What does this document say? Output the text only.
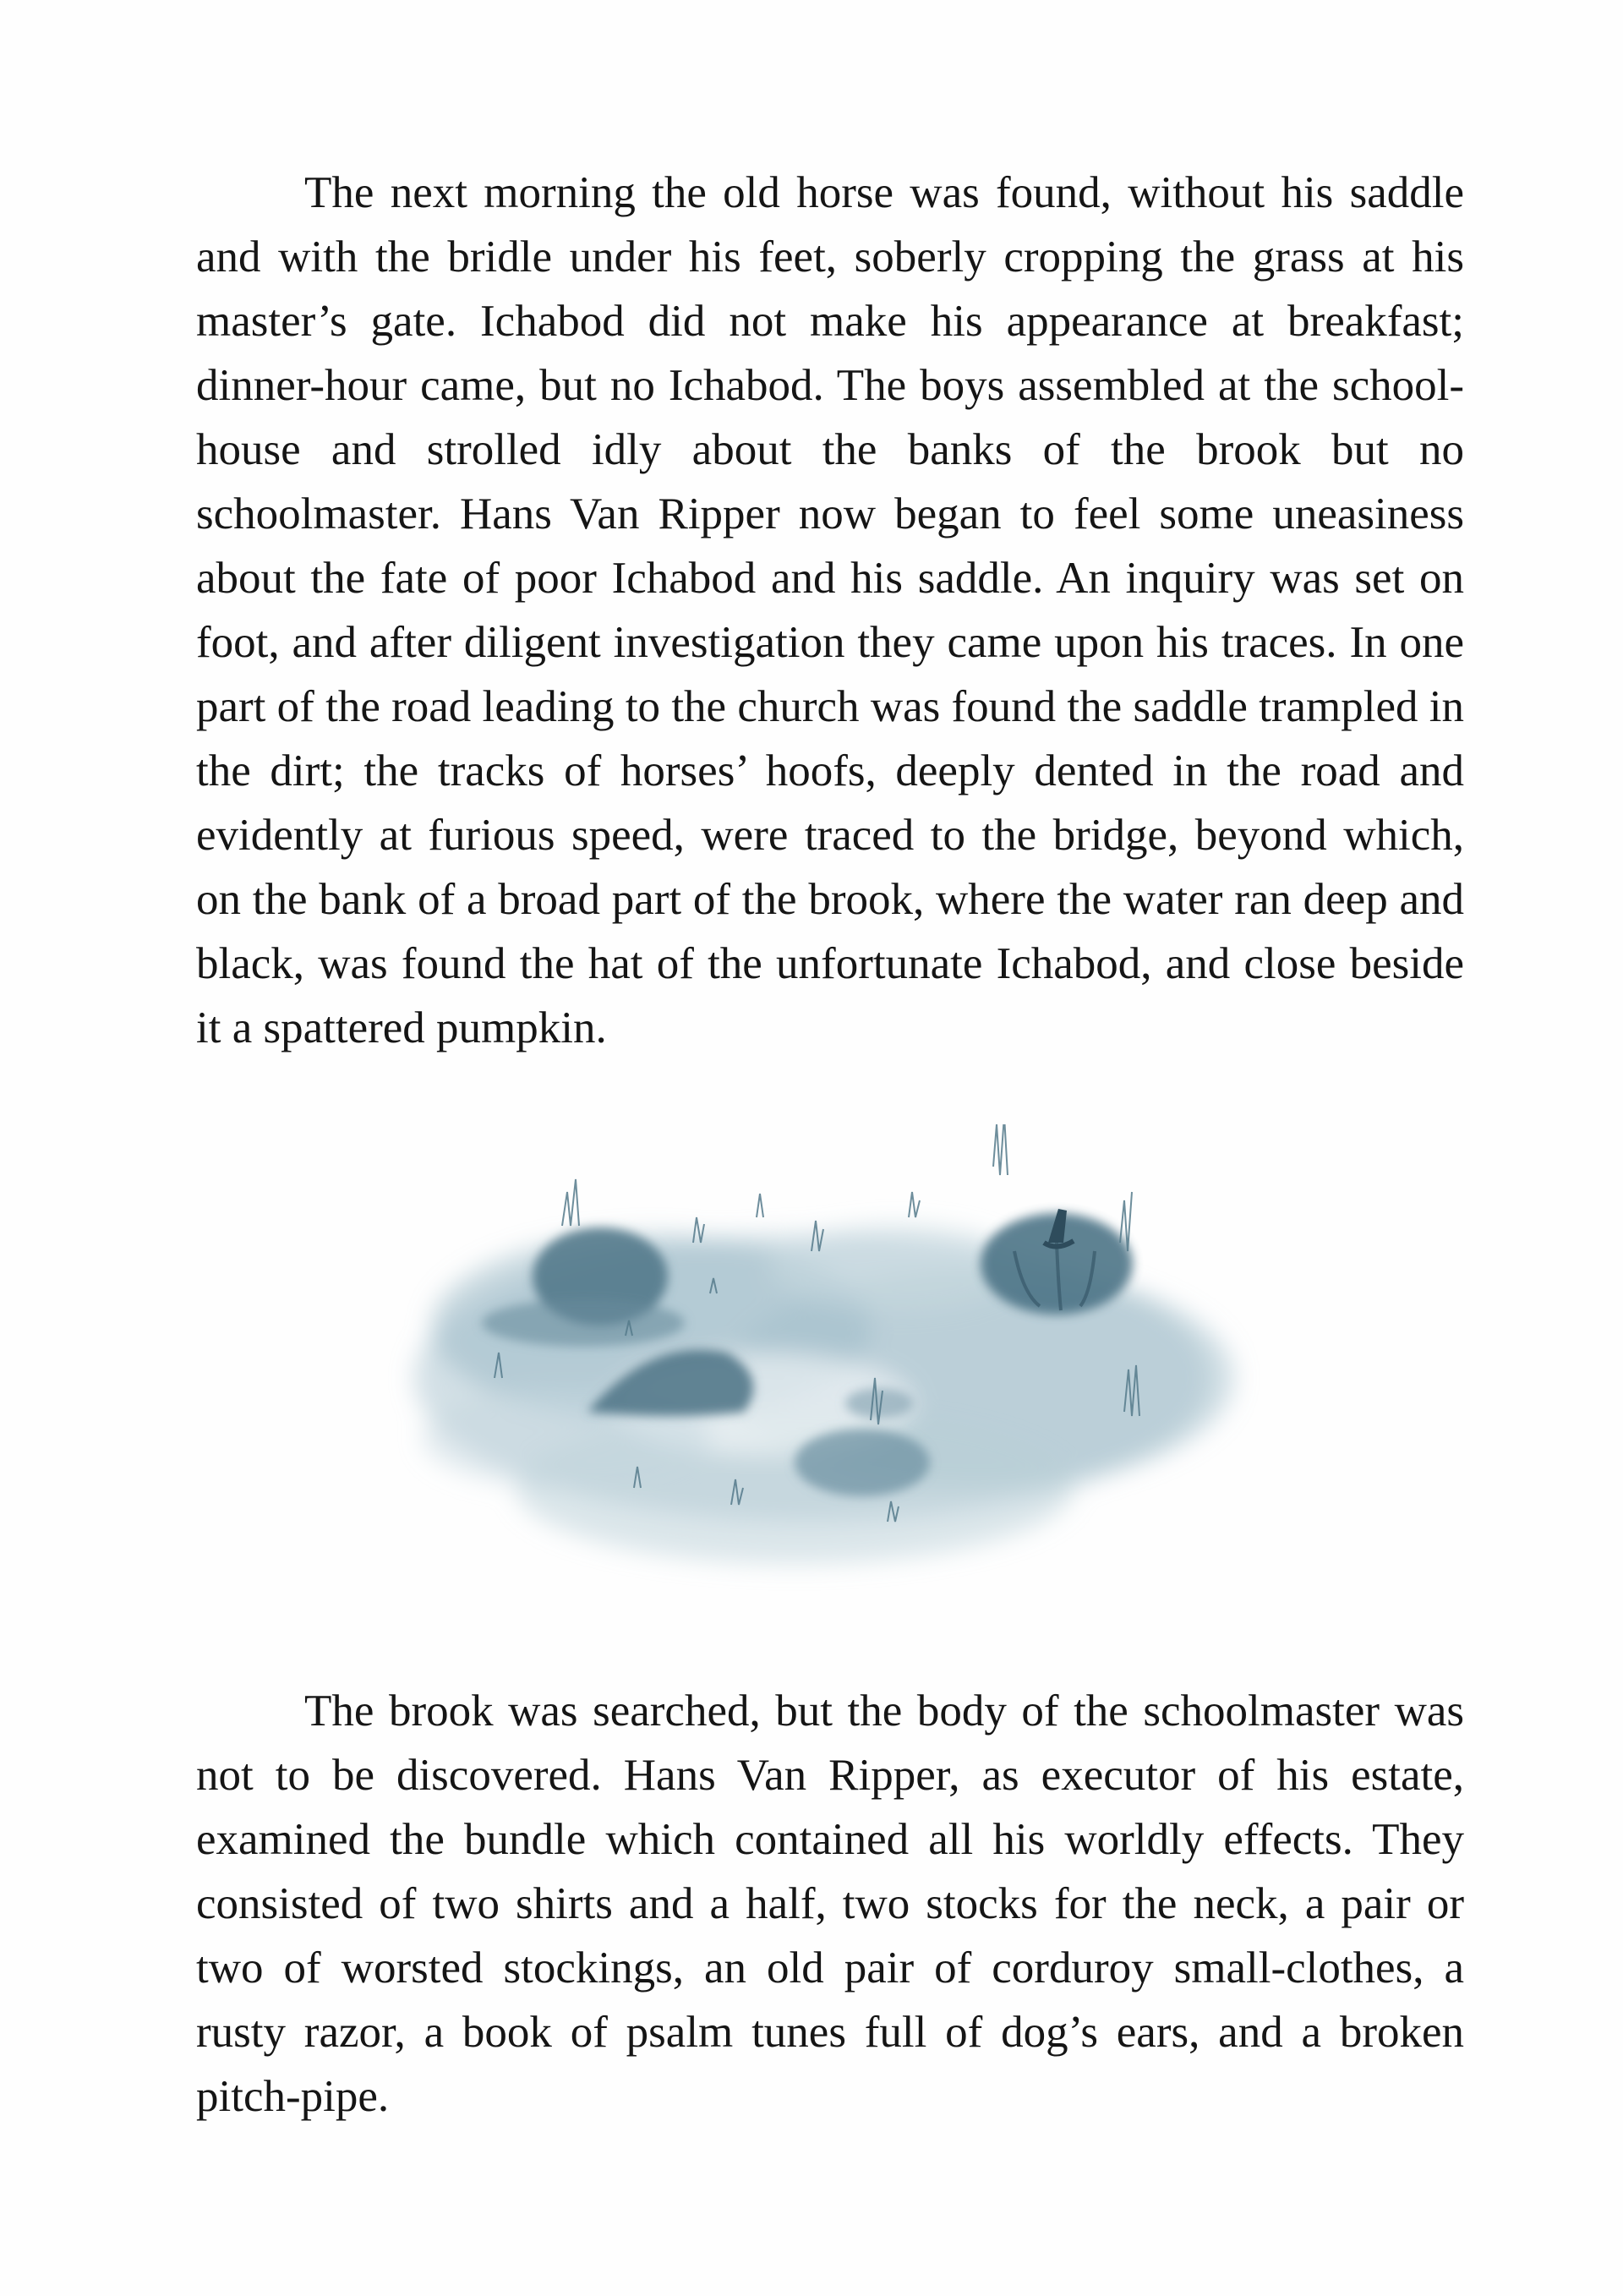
The next morning the old horse was found, without his saddle and with the bridle under his feet, soberly cropping the grass at his master’s gate. Ichabod did not make his appearance at breakfast; dinner-hour came, but no Ichabod. The boys assembled at the school-house and strolled idly about the banks of the brook but no schoolmaster. Hans Van Ripper now began to feel some uneasiness about the fate of poor Ichabod and his saddle. An inquiry was set on foot, and after diligent investigation they came upon his traces. In one part of the road leading to the church was found the saddle trampled in the dirt; the tracks of horses’ hoofs, deeply dented in the road and evidently at furious speed, were traced to the bridge, beyond which, on the bank of a broad part of the brook, where the water ran deep and black, was found the hat of the unfortunate Ichabod, and close beside it a spattered pumpkin.

The brook was searched, but the body of the schoolmaster was not to be discovered. Hans Van Ripper, as executor of his estate, examined the bundle which contained all his worldly effects. They consisted of two shirts and a half, two stocks for the neck, a pair or two of worsted stockings, an old pair of corduroy small-clothes, a rusty razor, a book of psalm tunes full of dog’s ears, and a broken pitch-pipe.
